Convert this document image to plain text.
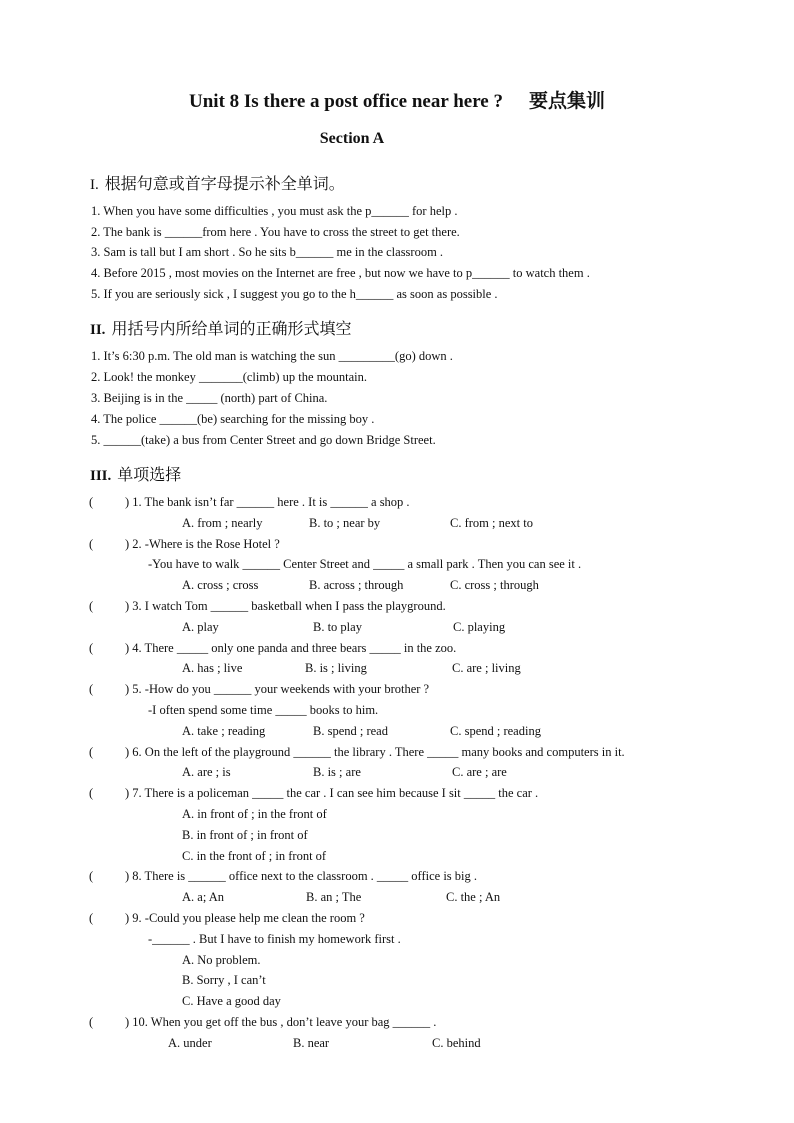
Unit 8 Is there a post office near here ? 要点集训
Section A
I. 根据句意或首字母提示补全单词。
1. When you have some difficulties , you must ask the p______ for help .
2. The bank is ______from here . You have to cross the street to get there.
3. Sam is tall but I am short . So he sits b______ me in the classroom .
4. Before 2015 , most movies on the Internet are free , but now we have to p______ to watch them .
5. If you are seriously sick , I suggest you go to the h______ as soon as possible .
II. 用括号内所给单词的正确形式填空
1. It’s 6:30 p.m. The old man is watching the sun _________(go) down .
2. Look! the monkey _______(climb) up the mountain.
3. Beijing is in the _____ (north) part of China.
4. The police ______(be) searching for the missing boy .
5. ______(take) a bus from Center Street and go down Bridge Street.
III. 单项选择
(	) 1. The bank isn’t far ______ here . It is ______ a shop .
A. from ; nearly	B. to ; near by	C. from ; next to
(	) 2. -Where is the Rose Hotel ?
-You have to walk ______ Center Street and _____ a small park . Then you can see it .
A. cross ; cross	B. across ; through	C. cross ; through
(	) 3. I watch Tom ______ basketball when I pass the playground.
A. play	B. to play	C. playing
(	) 4. There _____ only one panda and three bears _____ in the zoo.
A. has ; live	B. is ; living	C. are ; living
(	) 5. -How do you ______ your weekends with your brother ?
-I often spend some time _____ books to him.
A. take ; reading	B. spend ; read	C. spend ; reading
(	) 6. On the left of the playground ______ the library . There _____ many books and computers in it.
A. are ; is	B. is ; are	C. are ; are
(	) 7. There is a policeman _____ the car . I can see him because I sit _____ the car .
A. in front of ; in the front of
B. in front of ; in front of
C. in the front of ; in front of
(	) 8. There is ______ office next to the classroom . _____ office is big .
A. a; An	B. an ; The	C. the ; An
(	) 9. -Could you please help me clean the room ?
-______ . But I have to finish my homework first .
A. No problem.
B. Sorry , I can’t
C. Have a good day
(	) 10. When you get off the bus , don’t leave your bag ______ .
A. under	B. near	C. behind
